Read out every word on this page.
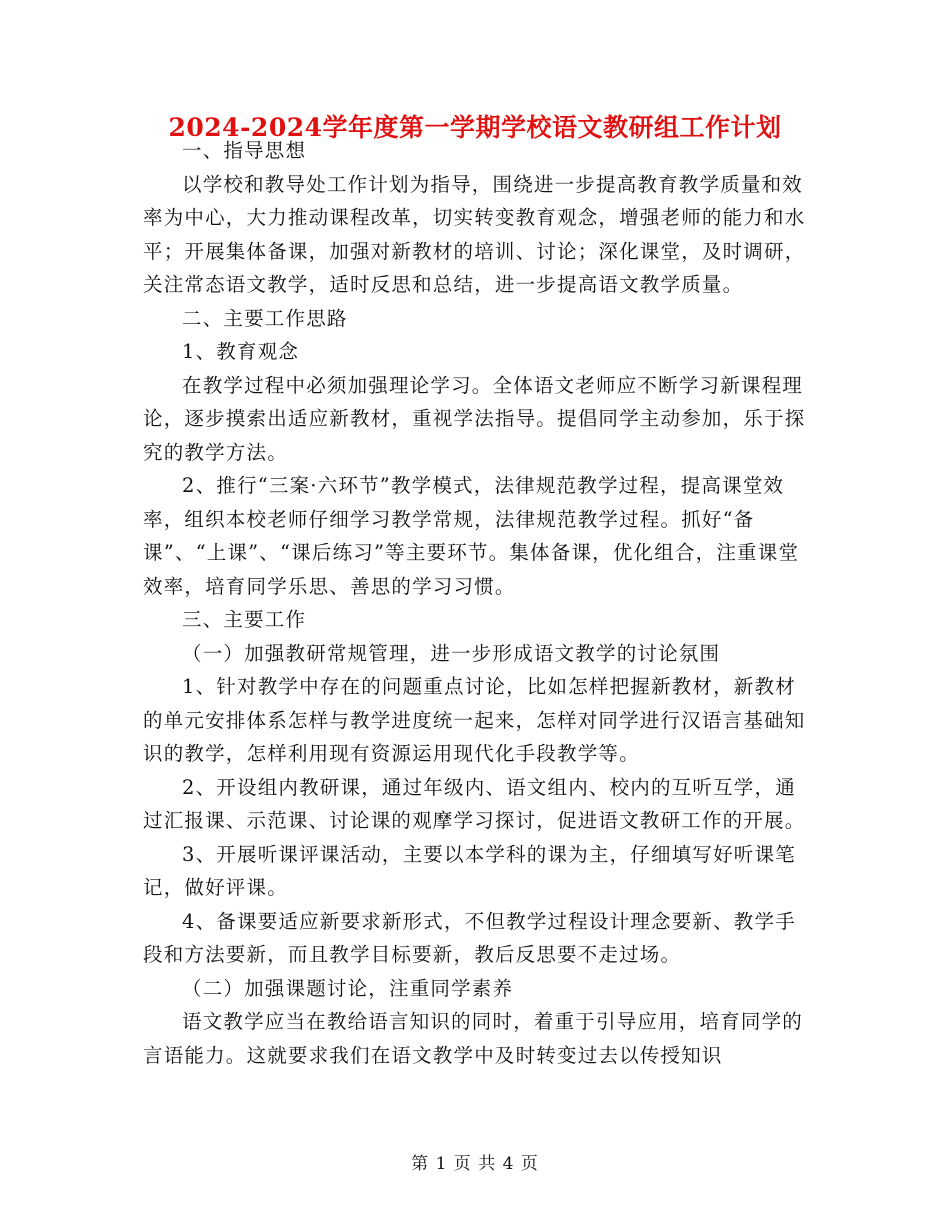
2024-2024学年度第一学期学校语文教研组工作计划

一、指导思想

以学校和教导处工作计划为指导，围绕进一步提高教育教学质量和效率为中心，大力推动课程改革，切实转变教育观念，增强老师的能力和水平；开展集体备课，加强对新教材的培训、讨论；深化课堂，及时调研，关注常态语文教学，适时反思和总结，进一步提高语文教学质量。

二、主要工作思路

1、教育观念

在教学过程中必须加强理论学习。全体语文老师应不断学习新课程理论，逐步摸索出适应新教材，重视学法指导。提倡同学主动参加，乐于探究的教学方法。

2、推行“三案·六环节”教学模式，法律规范教学过程，提高课堂效率，组织本校老师仔细学习教学常规，法律规范教学过程。抓好“备课”、“上课”、“课后练习”等主要环节。集体备课，优化组合，注重课堂效率，培育同学乐思、善思的学习习惯。

三、主要工作

（一）加强教研常规管理，进一步形成语文教学的讨论氛围

1、针对教学中存在的问题重点讨论，比如怎样把握新教材，新教材的单元安排体系怎样与教学进度统一起来，怎样对同学进行汉语言基础知识的教学，怎样利用现有资源运用现代化手段教学等。

2、开设组内教研课，通过年级内、语文组内、校内的互听互学，通过汇报课、示范课、讨论课的观摩学习探讨，促进语文教研工作的开展。

3、开展听课评课活动，主要以本学科的课为主，仔细填写好听课笔记，做好评课。

4、备课要适应新要求新形式，不但教学过程设计理念要新、教学手段和方法要新，而且教学目标要新，教后反思要不走过场。

（二）加强课题讨论，注重同学素养

语文教学应当在教给语言知识的同时，着重于引导应用，培育同学的言语能力。这就要求我们在语文教学中及时转变过去以传授知识

第 1 页 共 4 页
